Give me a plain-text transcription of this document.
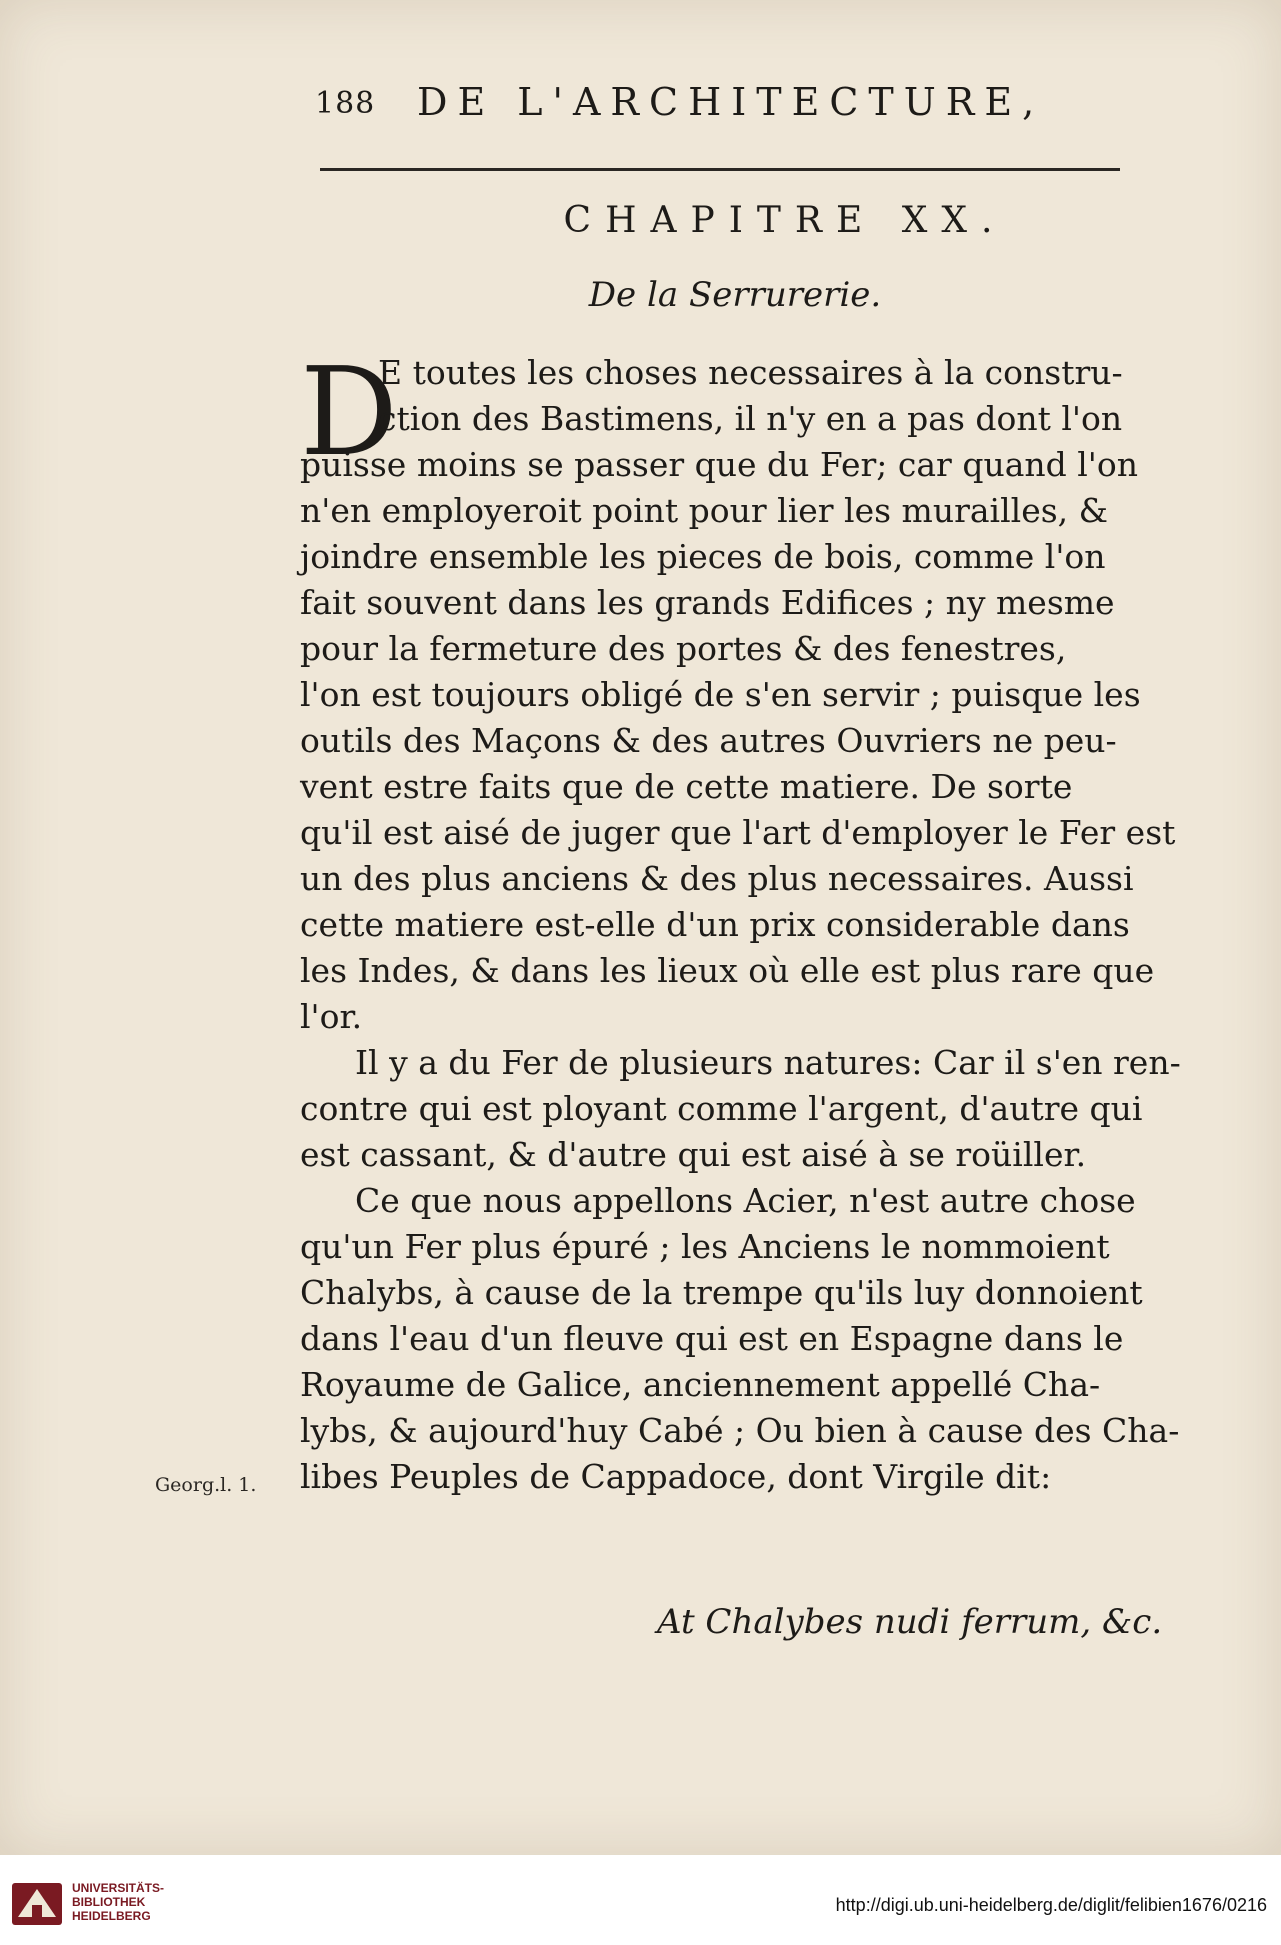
188 DE L'ARCHITECTURE,
CHAPITRE XX.
De la Serrurerie.
D
E toutes les choses necessaires à la constru-
ction des Bastimens, il n'y en a pas dont l'on
puisse moins se passer que du Fer; car quand l'on
n'en employeroit point pour lier les murailles, &
joindre ensemble les pieces de bois, comme l'on
fait souvent dans les grands Edifices ; ny mesme
pour la fermeture des portes & des fenestres,
l'on est toujours obligé de s'en servir ; puisque les
outils des Maçons & des autres Ouvriers ne peu-
vent estre faits que de cette matiere. De sorte
qu'il est aisé de juger que l'art d'employer le Fer est
un des plus anciens & des plus necessaires. Aussi
cette matiere est-elle d'un prix considerable dans
les Indes, & dans les lieux où elle est plus rare que
l'or.
Il y a du Fer de plusieurs natures: Car il s'en ren-
contre qui est ployant comme l'argent, d'autre qui
est cassant, & d'autre qui est aisé à se roüiller.
Ce que nous appellons Acier, n'est autre chose
qu'un Fer plus épuré ; les Anciens le nommoient
Chalybs, à cause de la trempe qu'ils luy donnoient
dans l'eau d'un fleuve qui est en Espagne dans le
Royaume de Galice, anciennement appellé Cha-
lybs, & aujourd'huy Cabé ; Ou bien à cause des Cha-
libes Peuples de Cappadoce, dont Virgile dit:
At Chalybes nudi ferrum, &c.
Georg.l. 1.
UNIVERSITÄTS-
BIBLIOTHEK
HEIDELBERG
http://digi.ub.uni-heidelberg.de/diglit/felibien1676/0216
